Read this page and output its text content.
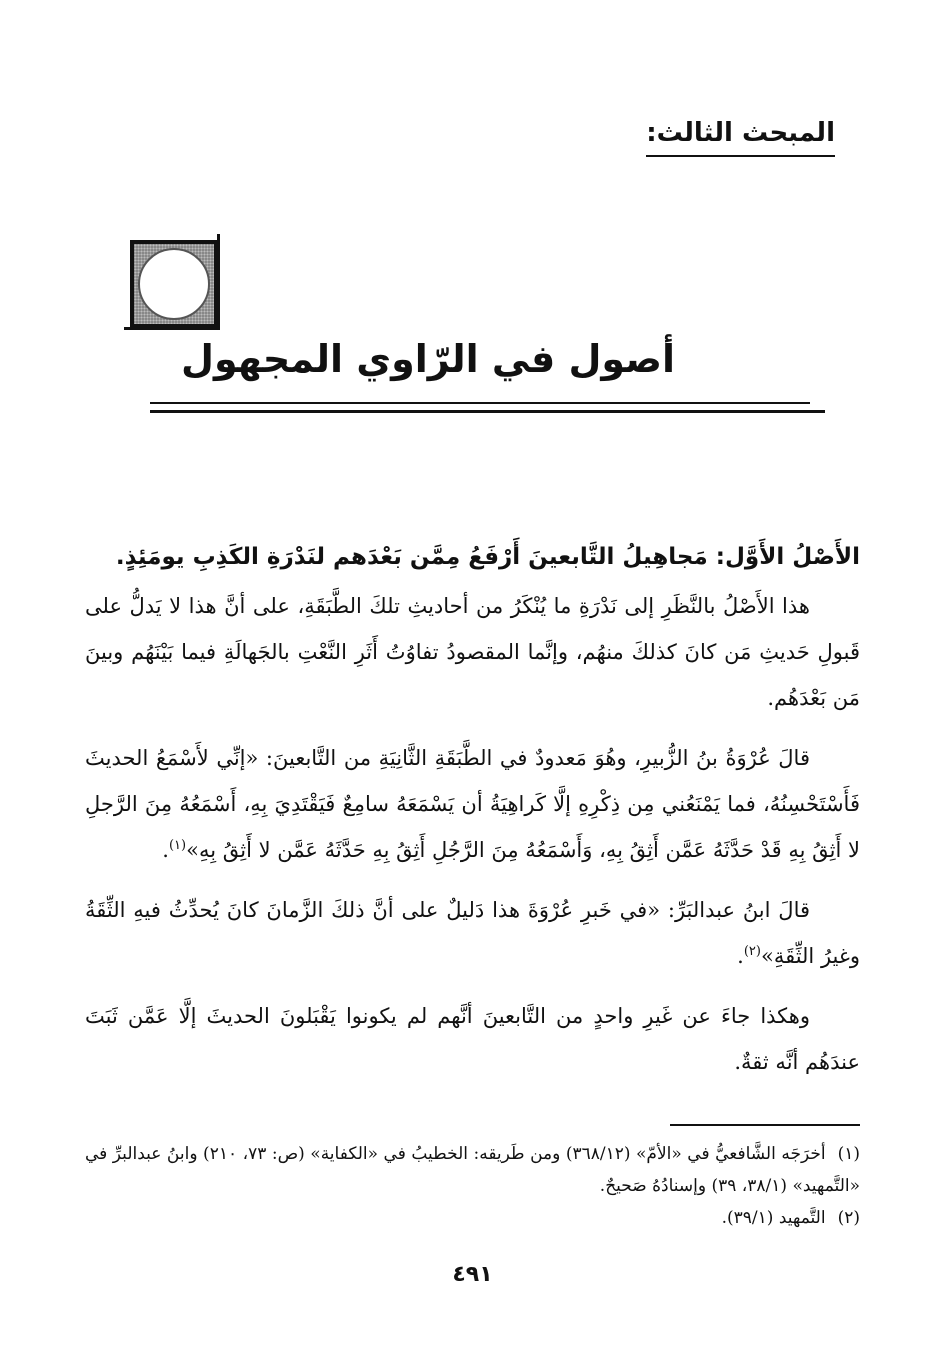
المبحث الثالث:
أصول في الرّاوي المجهول
الأَصْلُ الأَوَّل: مَجاهِيلُ التَّابعينَ أَرْفَعُ مِمَّن بَعْدَهم لنَدْرَةِ الكَذِبِ يومَئِذٍ.

هذا الأَصْلُ بالنَّظَرِ إلى نَدْرَةِ ما يُنْكَرُ من أحاديثِ تلكَ الطَّبَقَةِ، على أنَّ هذا لا يَدلُّ على قَبولِ حَديثِ مَن كانَ كذلكَ منهُم، وإنَّما المقصودُ تفاوُتُ أَثَرِ النَّعْتِ بالجَهالَةِ فيما بَيْنَهُم وبينَ مَن بَعْدَهُم.

قالَ عُرْوَةُ بنُ الزُّبيرِ، وهُوَ مَعدودٌ في الطَّبَقَةِ الثَّانِيَةِ من التَّابعينَ: «إنِّي لأَسْمَعُ الحديثَ فَأَسْتَحْسِنُهُ، فما يَمْنَعُني مِن ذِكْرِهِ إلَّا كَراهِيَةُ أن يَسْمَعَهُ سامِعٌ فَيَقْتَدِيَ بِهِ، أَسْمَعُهُ مِنَ الرَّجلِ لا أَثِقُ بِهِ قَدْ حَدَّثَهُ عَمَّن أَثِقُ بِهِ، وَأَسْمَعُهُ مِنَ الرَّجُلِ أَثِقُ بِهِ حَدَّثَهُ عَمَّن لا أَثِقُ بِهِ»$^{(١)}$.

قالَ ابنُ عبدالبَرِّ: «في خَبرِ عُرْوَةَ هذا دَليلٌ على أنَّ ذلكَ الزَّمانَ كانَ يُحدِّثُ فيهِ الثِّقَةُ وغيرُ الثِّقَةِ»$^{(٢)}$.

وهكذا جاءَ عن غَيرِ واحدٍ من التَّابعينَ أنَّهم لم يكونوا يَقْبَلونَ الحديثَ إلَّا عَمَّن ثَبَتَ عندَهُم أنَّه ثقةٌ.

(١)أخرَجَه الشَّافعيُّ في «الأمّ» (٣٦٨/١٢) ومن طَريقه: الخطيبُ في «الكفاية» (ص: ٧٣، ٢١٠) وابنُ عبدالبرِّ في «التَّمهيد» (٣٨/١، ٣٩) وإسنادُهُ صَحيحٌ.

(٢)التَّمهيد (٣٩/١).

٤٩١
